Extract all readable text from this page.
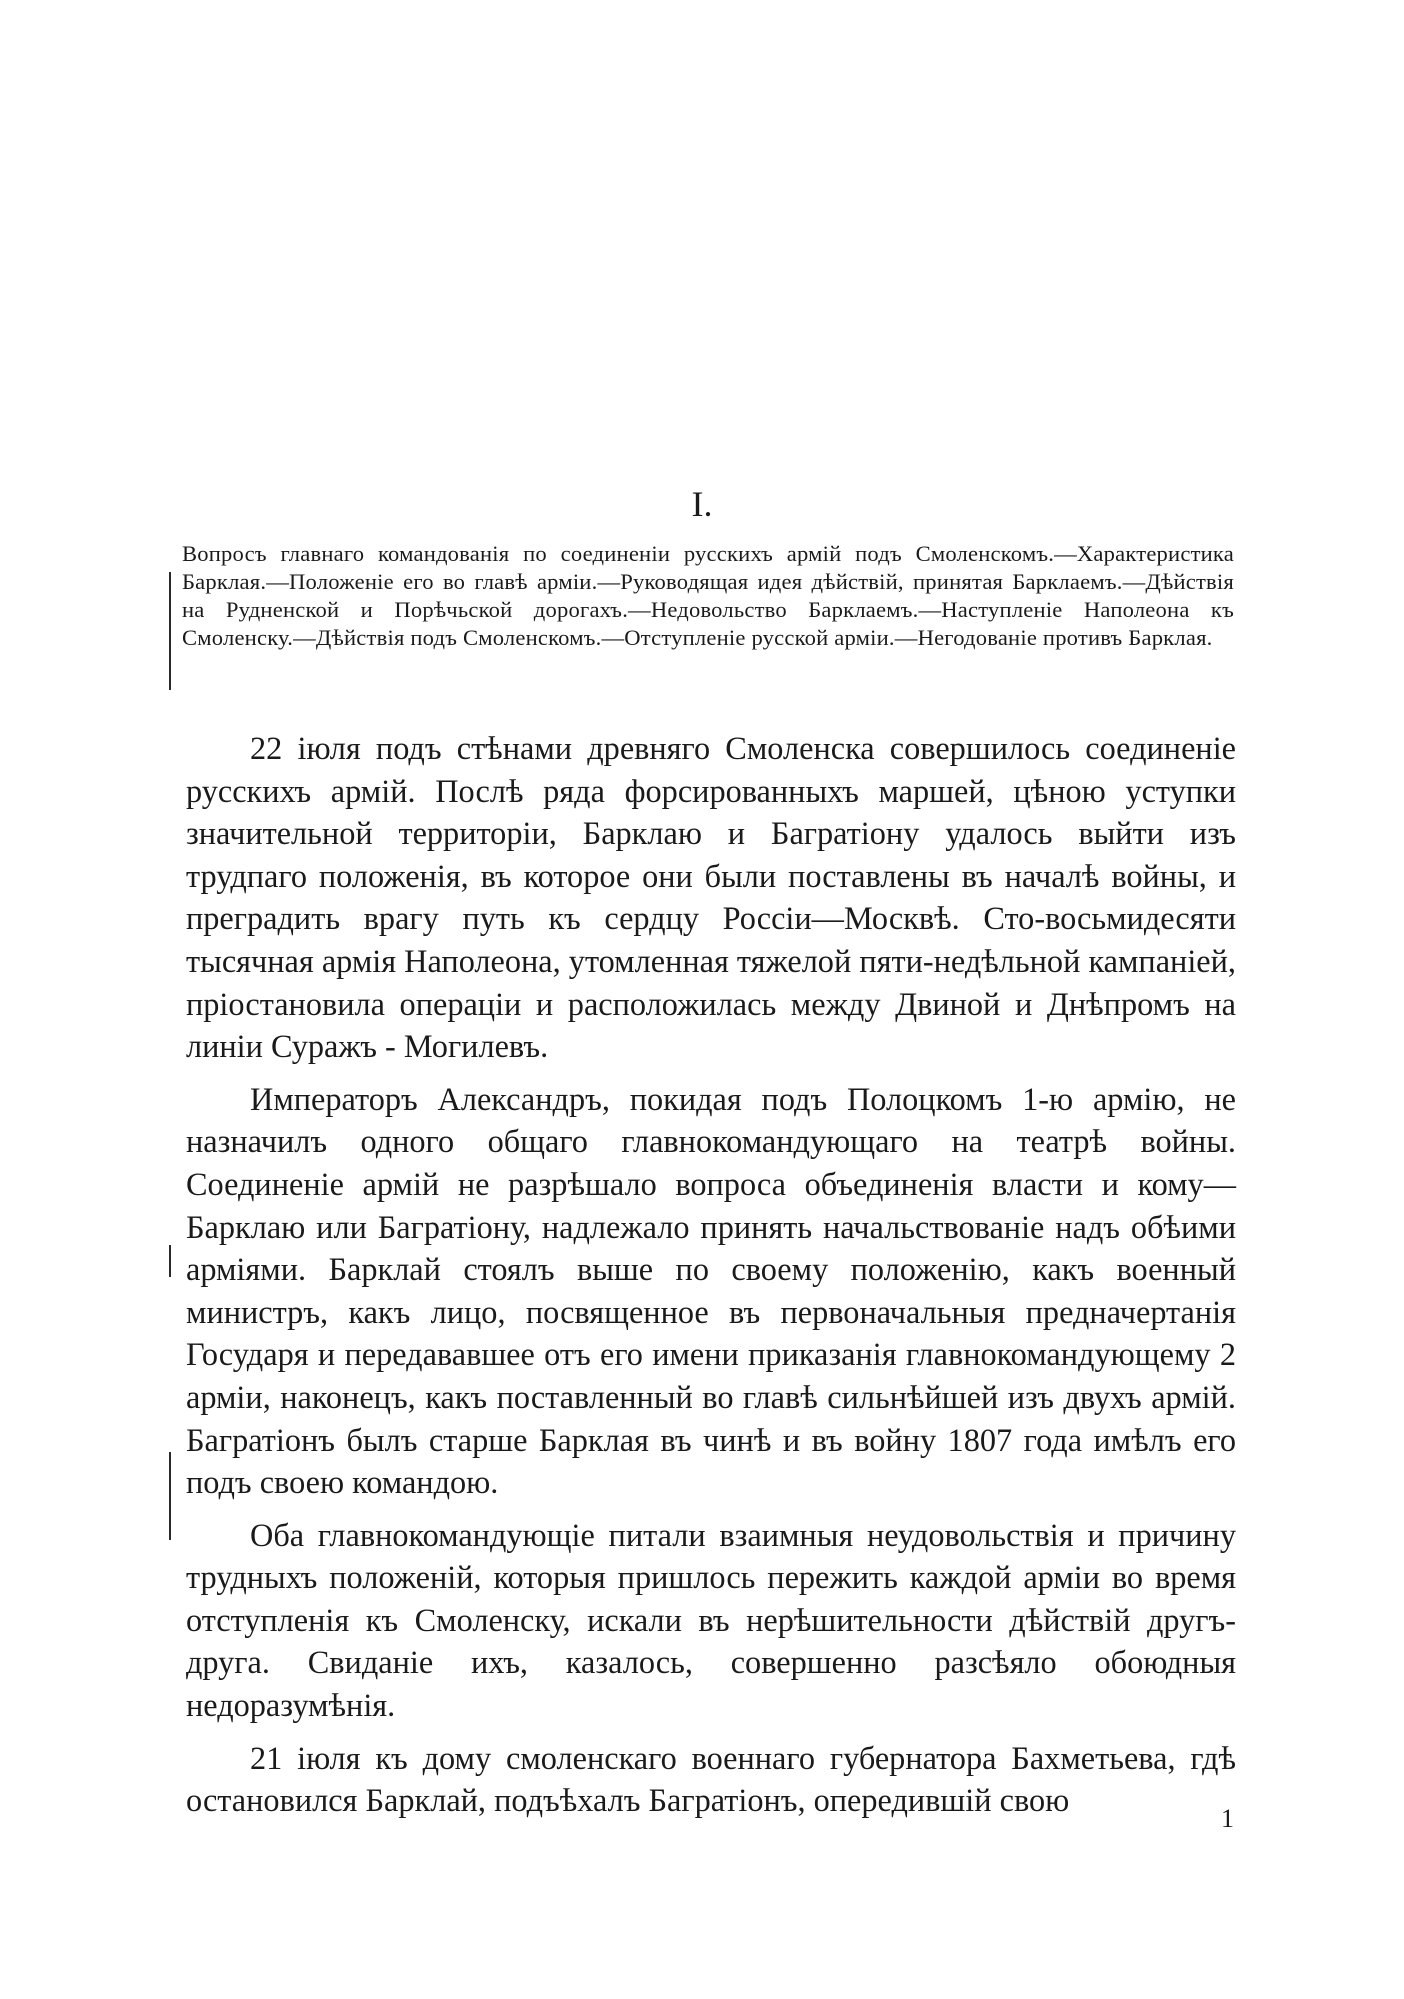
I.

Вопросъ главнаго командованія по соединеніи русскихъ армій подъ Смоленскомъ.—Характеристика Барклая.—Положеніе его во главѣ арміи.—Руководящая идея дѣйствій, принятая Барклаемъ.—Дѣйствія на Рудненской и Порѣчьской дорогахъ.—Недовольство Барклаемъ.—Наступленіе Наполеона къ Смоленску.—Дѣйствія подъ Смоленскомъ.—Отступленіе русской арміи.—Негодованіе противъ Барклая.

22 іюля подъ стѣнами древняго Смоленска совершилось соединеніе русскихъ армій. Послѣ ряда форсированныхъ маршей, цѣною уступки значительной территоріи, Барклаю и Багратіону удалось выйти изъ трудпаго положенія, въ которое они были поставлены въ началѣ войны, и преградить врагу путь къ сердцу Россіи—Москвѣ. Сто-восьмидесяти тысячная армія Наполеона, утомленная тяжелой пяти-недѣльной кампаніей, пріостановила операціи и расположилась между Двиной и Днѣпромъ на линіи Суражъ - Могилевъ.

Императоръ Александръ, покидая подъ Полоцкомъ 1-ю армію, не назначилъ одного общаго главнокомандующаго на театрѣ войны. Соединеніе армій не разрѣшало вопроса объединенія власти и кому—Барклаю или Багратіону, надлежало принять начальствованіе надъ обѣими арміями. Барклай стоялъ выше по своему положенію, какъ военный министръ, какъ лицо, посвященное въ первоначальныя предначертанія Государя и передававшее отъ его имени приказанія главнокомандующему 2 арміи, наконецъ, какъ поставленный во главѣ сильнѣйшей изъ двухъ армій. Багратіонъ былъ старше Барклая въ чинѣ и въ войну 1807 года имѣлъ его подъ своею командою.

Оба главнокомандующіе питали взаимныя неудовольствія и причину трудныхъ положеній, которыя пришлось пережить каждой арміи во время отступленія къ Смоленску, искали въ нерѣшительности дѣйствій другъ-друга. Свиданіе ихъ, казалось, совершенно разсѣяло обоюдныя недоразумѣнія.

21 іюля къ дому смоленскаго военнаго губернатора Бахметьева, гдѣ остановился Барклай, подъѣхалъ Багратіонъ, опередившій свою

1
